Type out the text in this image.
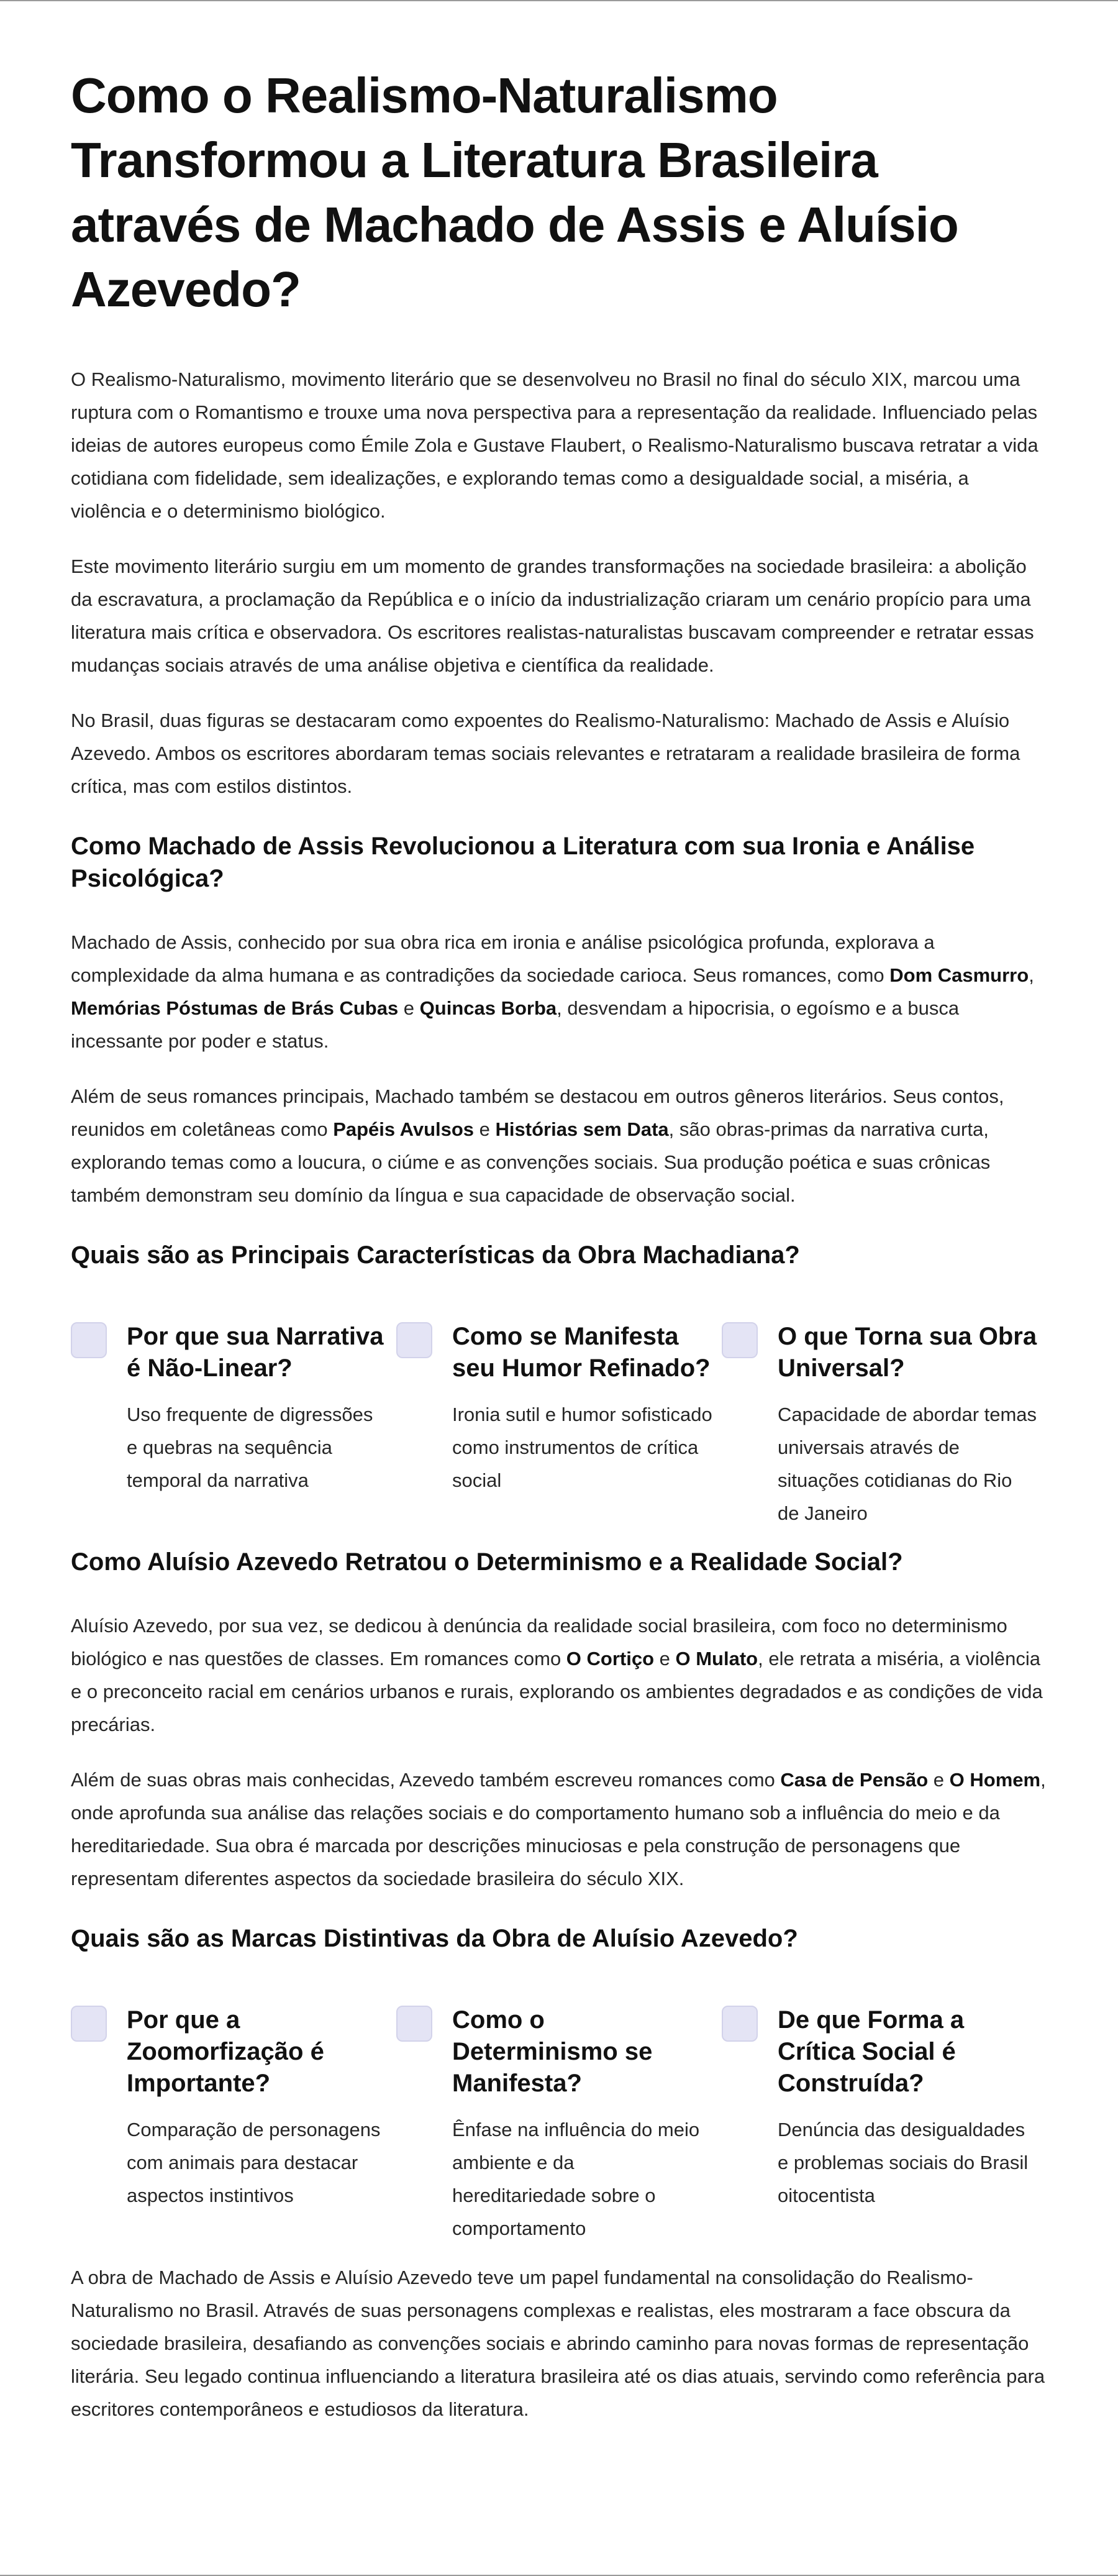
Como o Realismo-Naturalismo Transformou a Literatura Brasileira através de Machado de Assis e Aluísio Azevedo?

O Realismo-Naturalismo, movimento literário que se desenvolveu no Brasil no final do século XIX, marcou uma ruptura com o Romantismo e trouxe uma nova perspectiva para a representação da realidade. Influenciado pelas ideias de autores europeus como Émile Zola e Gustave Flaubert, o Realismo-Naturalismo buscava retratar a vida cotidiana com fidelidade, sem idealizações, e explorando temas como a desigualdade social, a miséria, a violência e o determinismo biológico.

Este movimento literário surgiu em um momento de grandes transformações na sociedade brasileira: a abolição da escravatura, a proclamação da República e o início da industrialização criaram um cenário propício para uma literatura mais crítica e observadora. Os escritores realistas-naturalistas buscavam compreender e retratar essas mudanças sociais através de uma análise objetiva e científica da realidade.

No Brasil, duas figuras se destacaram como expoentes do Realismo-Naturalismo: Machado de Assis e Aluísio Azevedo. Ambos os escritores abordaram temas sociais relevantes e retrataram a realidade brasileira de forma crítica, mas com estilos distintos.

Como Machado de Assis Revolucionou a Literatura com sua Ironia e Análise Psicológica?

Machado de Assis, conhecido por sua obra rica em ironia e análise psicológica profunda, explorava a complexidade da alma humana e as contradições da sociedade carioca. Seus romances, como Dom Casmurro, Memórias Póstumas de Brás Cubas e Quincas Borba, desvendam a hipocrisia, o egoísmo e a busca incessante por poder e status.

Além de seus romances principais, Machado também se destacou em outros gêneros literários. Seus contos, reunidos em coletâneas como Papéis Avulsos e Histórias sem Data, são obras-primas da narrativa curta, explorando temas como a loucura, o ciúme e as convenções sociais. Sua produção poética e suas crônicas também demonstram seu domínio da língua e sua capacidade de observação social.

Quais são as Principais Características da Obra Machadiana?
Por que sua Narrativa é Não-Linear?

Uso frequente de digressões e quebras na sequência temporal da narrativa

Como se Manifesta seu Humor Refinado?

Ironia sutil e humor sofisticado como instrumentos de crítica social

O que Torna sua Obra Universal?

Capacidade de abordar temas universais através de situações cotidianas do Rio de Janeiro

Como Aluísio Azevedo Retratou o Determinismo e a Realidade Social?

Aluísio Azevedo, por sua vez, se dedicou à denúncia da realidade social brasileira, com foco no determinismo biológico e nas questões de classes. Em romances como O Cortiço e O Mulato, ele retrata a miséria, a violência e o preconceito racial em cenários urbanos e rurais, explorando os ambientes degradados e as condições de vida precárias.

Além de suas obras mais conhecidas, Azevedo também escreveu romances como Casa de Pensão e O Homem, onde aprofunda sua análise das relações sociais e do comportamento humano sob a influência do meio e da hereditariedade. Sua obra é marcada por descrições minuciosas e pela construção de personagens que representam diferentes aspectos da sociedade brasileira do século XIX.

Quais são as Marcas Distintivas da Obra de Aluísio Azevedo?
Por que a Zoomorfização é Importante?

Comparação de personagens com animais para destacar aspectos instintivos

Como o Determinismo se Manifesta?

Ênfase na influência do meio ambiente e da hereditariedade sobre o comportamento

De que Forma a Crítica Social é Construída?

Denúncia das desigualdades e problemas sociais do Brasil oitocentista

A obra de Machado de Assis e Aluísio Azevedo teve um papel fundamental na consolidação do Realismo-Naturalismo no Brasil. Através de suas personagens complexas e realistas, eles mostraram a face obscura da sociedade brasileira, desafiando as convenções sociais e abrindo caminho para novas formas de representação literária. Seu legado continua influenciando a literatura brasileira até os dias atuais, servindo como referência para escritores contemporâneos e estudiosos da literatura.
